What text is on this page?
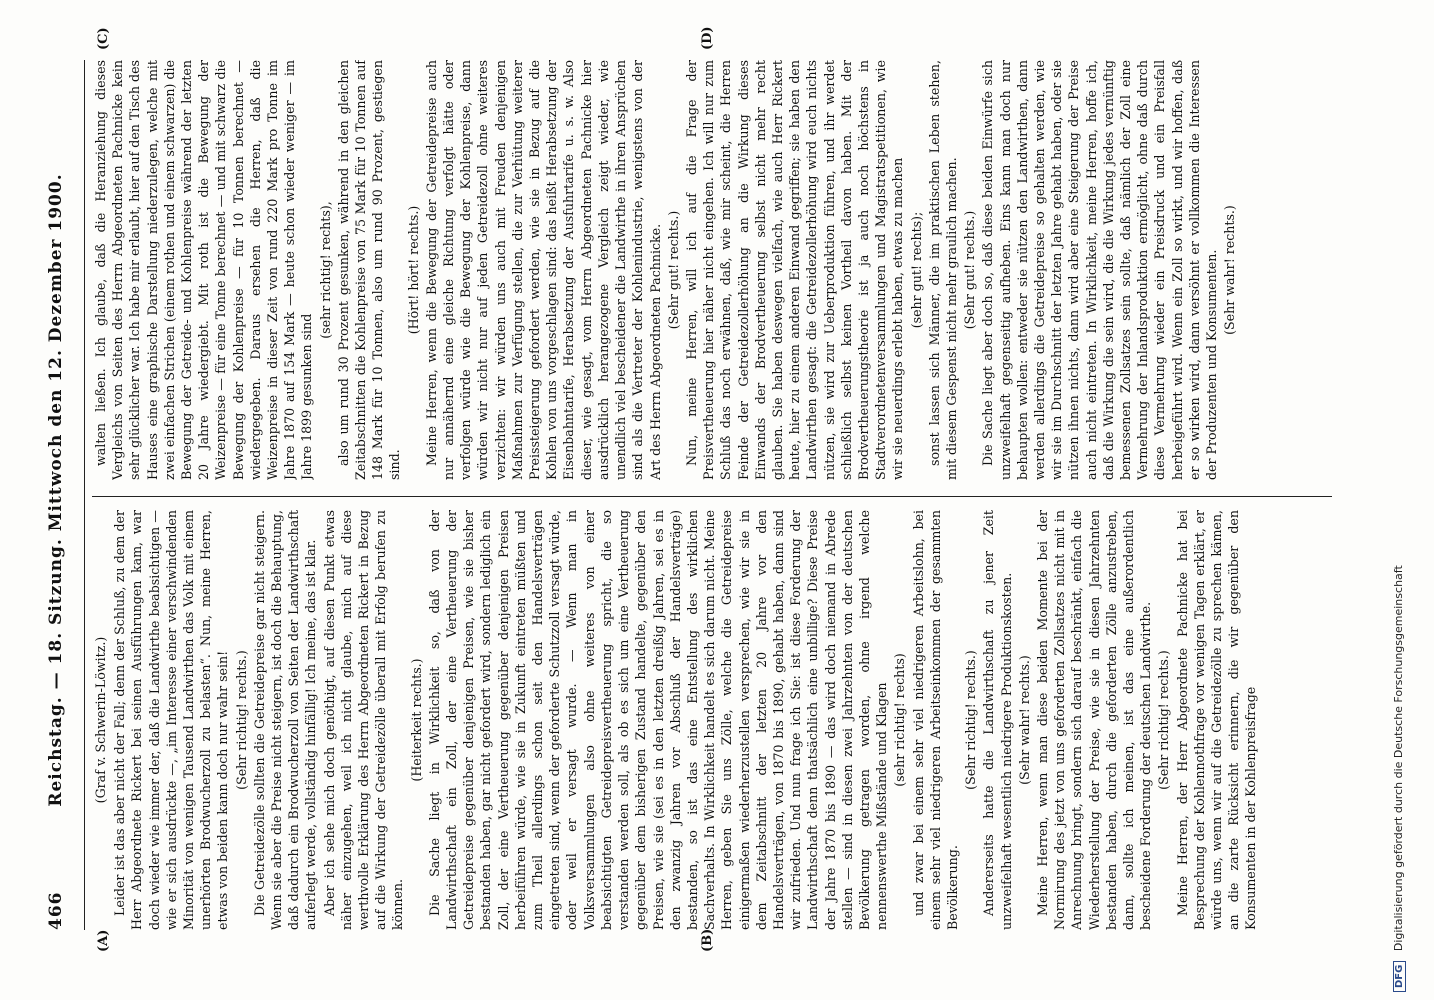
466
Reichstag. — 18. Sitzung. Mittwoch den 12. Dezember 1900.
(A)	(B)
(C)	(D)
(Graf v. Schwerin-Löwitz.) Leider ist das aber nicht der Fall; denn der Schluß, zu dem der Herr Abgeordnete Rickert bei seinen Ausführungen kam, war doch wieder wie immer der, daß die Landwirthe beabsichtigen — wie er sich ausdrückte —, „im Interesse einer verschwindenden Minorität von wenigen Tausend Landwirthen das Volk mit einem unerhörten Brodwucherzoll zu belasten“. Nun, meine Herren, etwas von beiden kann doch nur wahr sein! (Sehr richtig! rechts.) Die Getreidezölle sollten die Getreidepreise gar nicht steigern. Wenn sie aber die Preise nicht steigern, ist doch die Behauptung, daß dadurch ein Brodwucherzoll von Seiten der Landwirthschaft auferlegt werde, vollständig hinfällig! Ich meine, das ist klar. Aber ich sehe mich doch genöthigt, auf diesen Punkt etwas näher einzugehen, weil ich nicht glaube, mich auf diese werthvolle Erklärung des Herrn Abgeordneten Rickert in Bezug auf die Wirkung der Getreidezölle überall mit Erfolg berufen zu können.

(Heiterkeit rechts.) Die Sache liegt in Wirklichkeit so, daß von der Landwirthschaft ein Zoll, der eine Vertheuerung der Getreidepreise gegenüber denjenigen Preisen, wie sie bisher bestanden haben, gar nicht gefordert wird, sondern lediglich ein Zoll, der eine Vertheuerung gegenüber denjenigen Preisen herbeiführen würde, wie sie in Zukunft eintreten müßten und zum Theil allerdings schon seit den Handelsverträgen eingetreten sind, wenn der geforderte Schutzzoll versagt würde, oder weil er versagt wurde. — Wenn man in Volksversammlungen also ohne weiteres von einer beabsichtigten Getreidepreisvertheuerung spricht, die so verstanden werden soll, als ob es sich um eine Vertheuerung gegenüber dem bisherigen Zustand handelte, gegenüber den Preisen, wie sie (sei es in den letzten dreißig Jahren, sei es in den zwanzig Jahren vor Abschluß der Handelsverträge) bestanden, so ist das eine Entstellung des wirklichen Sachverhalts. In Wirklichkeit handelt es sich darum nicht. Meine Herren, geben Sie uns Zölle, welche die Getreidepreise einigermaßen wiederherzustellen versprechen, wie wir sie in dem Zeitabschnitt der letzten 20 Jahre vor den Handelsverträgen, von 1870 bis 1890, gehabt haben, dann sind wir zufrieden. Und nun frage ich Sie: ist diese Forderung der Landwirthschaft denn thatsächlich eine unbillige? Diese Preise der Jahre 1870 bis 1890 — das wird doch niemand in Abrede stellen — sind in diesen zwei Jahrzehnten von der deutschen Bevölkerung getragen worden, ohne irgend welche nennenswerthe Mißstände und Klagen (sehr richtig! rechts) und zwar bei einem sehr viel niedrigeren Arbeitslohn, bei einem sehr viel niedrigeren Arbeitseinkommen der gesammten Bevölkerung.

(Sehr richtig! rechts.) Andererseits hatte die Landwirthschaft zu jener Zeit unzweifelhaft wesentlich niedrigere Produktionskosten. (Sehr wahr! rechts.) Meine Herren, wenn man diese beiden Momente bei der Normirung des jetzt von uns geforderten Zollsatzes nicht mit in Anrechnung bringt, sondern sich darauf beschränkt, einfach die Wiederherstellung der Preise, wie sie in diesen Jahrzehnten bestanden haben, durch die geforderten Zölle anzustreben, dann, sollte ich meinen, ist das eine außerordentlich bescheidene Forderung der deutschen Landwirthe. (Sehr richtig! rechts.) Meine Herren, der Herr Abgeordnete Pachnicke hat bei Besprechung der Kohlennothfrage vor wenigen Tagen erklärt, er würde uns, wenn wir auf die Getreidezölle zu sprechen kämen, an die zarte Rücksicht erinnern, die wir gegenüber den Konsumenten in der Kohlenpreisfrage

walten ließen. Ich glaube, daß die Heranziehung dieses Vergleichs von Seiten des Herrn Abgeordneten Pachnicke kein sehr glücklicher war. Ich habe mir erlaubt, hier auf den Tisch des Hauses eine graphische Darstellung niederzulegen, welche mit zwei einfachen Strichen (einem rothen und einem schwarzen) die Bewegung der Getreide- und Kohlenpreise während der letzten 20 Jahre wiedergiebt. Mit roth ist die Bewegung der Weizenpreise — für eine Tonne berechnet — und mit schwarz die Bewegung der Kohlenpreise — für 10 Tonnen berechnet — wiedergegeben. Daraus ersehen die Herren, daß die Weizenpreise in dieser Zeit von rund 220 Mark pro Tonne im Jahre 1870 auf 154 Mark — heute schon wieder weniger — im Jahre 1899 gesunken sind

(sehr richtig! rechts), also um rund 30 Prozent gesunken, während in den gleichen Zeitabschnitten die Kohlenpreise von 75 Mark für 10 Tonnen auf 148 Mark für 10 Tonnen, also um rund 90 Prozent, gestiegen sind.

(Hört! hört! rechts.) Meine Herren, wenn die Bewegung der Getreidepreise auch nur annähernd eine gleiche Richtung verfolgt hätte oder verfolgen würde wie die Bewegung der Kohlenpreise, dann würden wir nicht nur auf jeden Getreidezoll ohne weiteres verzichten: wir würden uns auch mit Freuden denjenigen Maßnahmen zur Verfügung stellen, die zur Verhütung weiterer Preissteigerung gefordert werden, wie sie in Bezug auf die Kohlen von uns vorgeschlagen sind: das heißt Herabsetzung der Eisenbahntarife, Herabsetzung der Ausfuhrtarife u. s. w. Also dieser, wie gesagt, vom Herrn Abgeordneten Pachnicke hier ausdrücklich herangezogene Vergleich zeigt wieder, wie unendlich viel bescheidener die Landwirthe in ihren Ansprüchen sind als die Vertreter der Kohlenindustrie, wenigstens von der Art des Herrn Abgeordneten Pachnicke. (Sehr gut! rechts.) Nun, meine Herren, will ich auf die Frage der Preisvertheuerung hier näher nicht eingehen. Ich will nur zum Schluß das noch erwähnen, daß, wie mir scheint, die Herren Feinde der Getreidezollerhöhung an die Wirkung dieses Einwands der Brodvertheuerung selbst nicht mehr recht glauben. Sie haben deswegen vielfach, wie auch Herr Rickert heute, hier zu einem anderen Einwand gegriffen; sie haben den Landwirthen gesagt: die Getreidezollerhöhung wird euch nichts nützen, sie wird zur Ueberproduktion führen, und ihr werdet schließlich selbst keinen Vortheil davon haben. Mit der Brodvertheuerungstheorie ist ja auch noch höchstens in Stadtverordnetenversammlungen und Magistratspetitionen, wie wir sie neuerdings erlebt haben, etwas zu machen (sehr gut! rechts); sonst lassen sich Männer, die im praktischen Leben stehen, mit diesem Gespenst nicht mehr graulich machen. (Sehr gut! rechts.) Die Sache liegt aber doch so, daß diese beiden Einwürfe sich unzweifelhaft gegenseitig aufheben. Eins kann man doch nur behaupten wollen: entweder sie nützen den Landwirthen, dann werden allerdings die Getreidepreise so gehalten werden, wie wir sie im Durchschnitt der letzten Jahre gehabt haben, oder sie nützen ihnen nichts, dann wird aber eine Steigerung der Preise auch nicht eintreten. In Wirklichkeit, meine Herren, hoffe ich, daß die Wirkung die sein wird, die die Wirkung jedes vernünftig bemessenen Zollsatzes sein sollte, daß nämlich der Zoll eine Vermehrung der Inlandsproduktion ermöglicht, ohne daß durch diese Vermehrung wieder ein Preisdruck und ein Preisfall herbeigeführt wird. Wenn ein Zoll so wirkt, und wir hoffen, daß er so wirken wird, dann versöhnt er vollkommen die Interessen der Produzenten und Konsumenten. (Sehr wahr! rechts.)

DFG Digitalisierung gefördert durch die Deutsche Forschungsgemeinschaft
